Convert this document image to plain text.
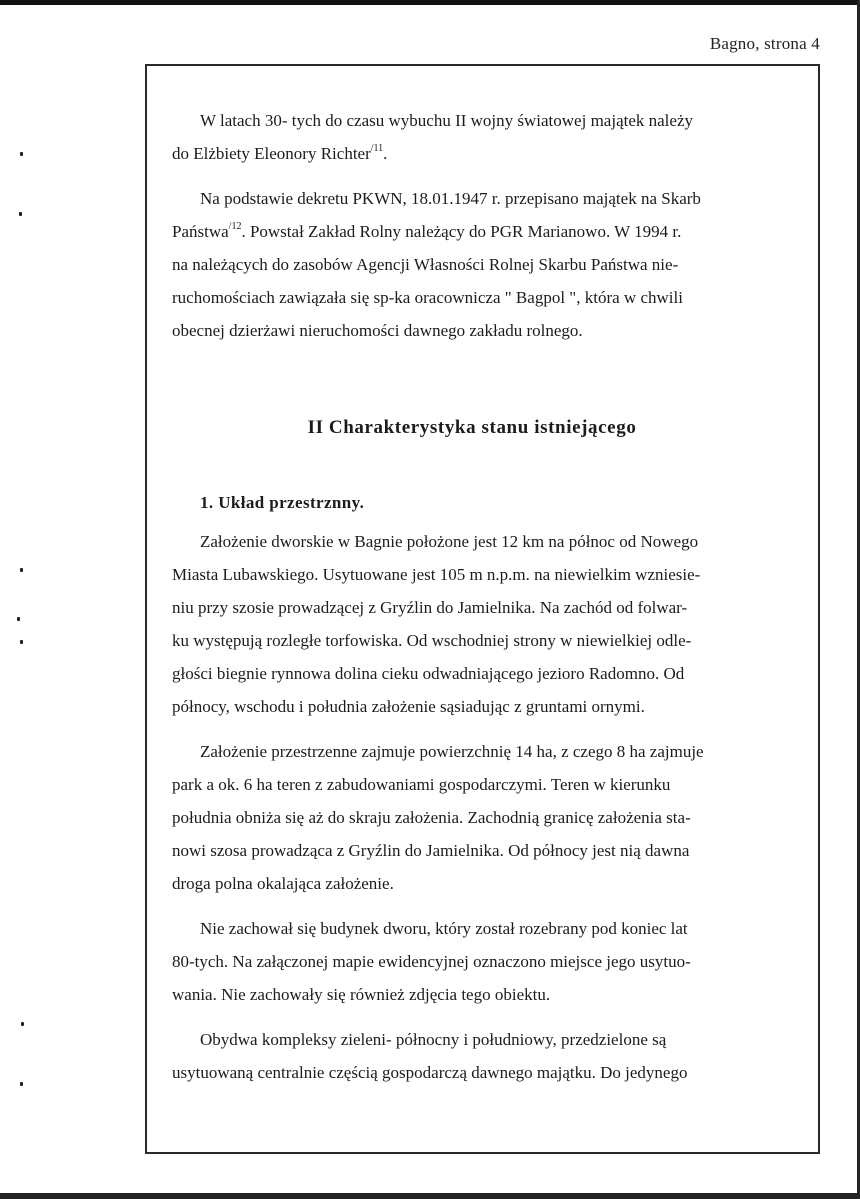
Bagno, strona 4

W latach 30- tych do czasu wybuchu II wojny światowej majątek należy
do Elżbiety Eleonory Richter$^{/11}$.

Na podstawie dekretu PKWN, 18.01.1947 r. przepisano majątek na Skarb
Państwa$^{/12}$. Powstał Zakład Rolny należący do PGR Marianowo. W 1994 r.
na należących do zasobów Agencji Własności Rolnej Skarbu Państwa nie-
ruchomościach zawiązała się sp-ka oracownicza " Bagpol ", która w chwili
obecnej dzierżawi nieruchomości dawnego zakładu rolnego.

II Charakterystyka stanu istniejącego

1. Układ przestrznny.

Założenie dworskie w Bagnie położone jest 12 km na północ od Nowego
Miasta Lubawskiego. Usytuowane jest 105 m n.p.m. na niewielkim wzniesie-
niu przy szosie prowadzącej z Gryźlin do Jamielnika. Na zachód od folwar-
ku występują rozległe torfowiska. Od wschodniej strony w niewielkiej odle-
głości biegnie rynnowa dolina cieku odwadniającego jezioro Radomno. Od
północy, wschodu i południa założenie sąsiadując z gruntami ornymi.

Założenie przestrzenne zajmuje powierzchnię 14 ha, z czego 8 ha zajmuje
park a ok. 6 ha teren z zabudowaniami gospodarczymi. Teren w kierunku
południa obniża się aż do skraju założenia. Zachodnią granicę założenia sta-
nowi szosa prowadząca z Gryźlin do Jamielnika. Od północy jest nią dawna
droga polna okalająca założenie.

Nie zachował się budynek dworu, który został rozebrany pod koniec lat
80-tych. Na załączonej mapie ewidencyjnej oznaczono miejsce jego usytuo-
wania. Nie zachowały się również zdjęcia tego obiektu.

Obydwa kompleksy zieleni- północny i południowy, przedzielone są
usytuowaną centralnie częścią gospodarczą dawnego majątku. Do jedynego
